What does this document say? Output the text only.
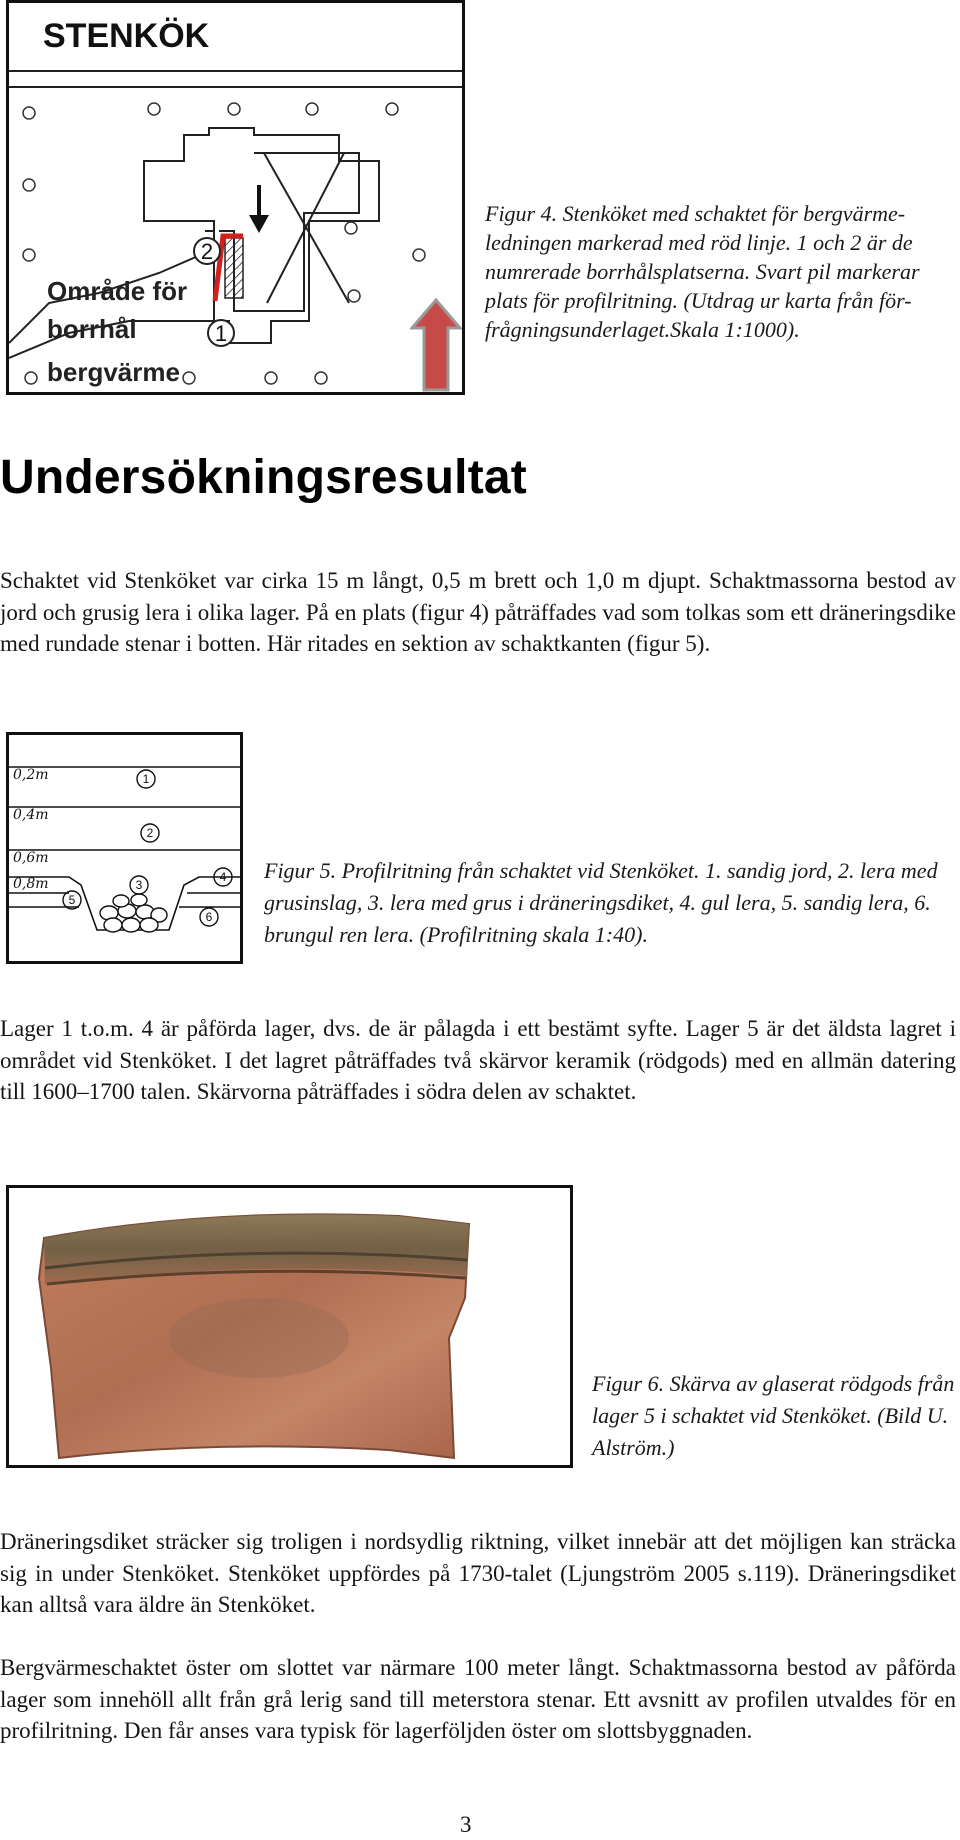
STENKÖK
2
1
Område för borrhål bergvärme
Figur 4. Stenköket med schaktet för bergvärme-
ledningen markerad med röd linje. 1 och 2 är de
numrerade borrhålsplatserna. Svart pil markerar
plats för profilritning. (Utdrag ur karta från för-
frågningsunderlaget.Skala 1:1000).
Undersökningsresultat
Schaktet vid Stenköket var cirka 15 m långt, 0,5 m brett och 1,0 m djupt. Schaktmassorna bestod av jord och grusig lera i olika lager. På en plats (figur 4) påträffades vad som tolkas som ett dräneringsdike med rundade stenar i botten. Här ritades en sektion av schaktkanten (figur 5).
0,2m
0,4m
0,6m
0,8m
1
2
3
4
5
6
Figur 5. Profilritning från schaktet vid Stenköket. 1. sandig jord, 2. lera med grusinslag, 3. lera med grus i dräneringsdiket, 4. gul lera, 5. sandig lera, 6. brungul ren lera. (Profilritning skala 1:40).
Lager 1 t.o.m. 4 är påförda lager, dvs. de är pålagda i ett bestämt syfte. Lager 5 är det äldsta lagret i området vid Stenköket. I det lagret påträffades två skärvor keramik (rödgods) med en allmän datering till 1600–1700 talen. Skärvorna påträffades i södra delen av schaktet.
Figur 6. Skärva av glaserat rödgods från lager 5 i schaktet vid Stenköket. (Bild U. Alström.)
Dräneringsdiket sträcker sig troligen i nordsydlig riktning, vilket innebär att det möjligen kan sträcka sig in under Stenköket. Stenköket uppfördes på 1730-talet (Ljungström 2005 s.119). Dräneringsdiket kan alltså vara äldre än Stenköket.
Bergvärmeschaktet öster om slottet var närmare 100 meter långt. Schaktmassorna bestod av påförda lager som innehöll allt från grå lerig sand till meterstora stenar. Ett avsnitt av profilen utvaldes för en profilritning. Den får anses vara typisk för lagerföljden öster om slottsbyggnaden.
3
